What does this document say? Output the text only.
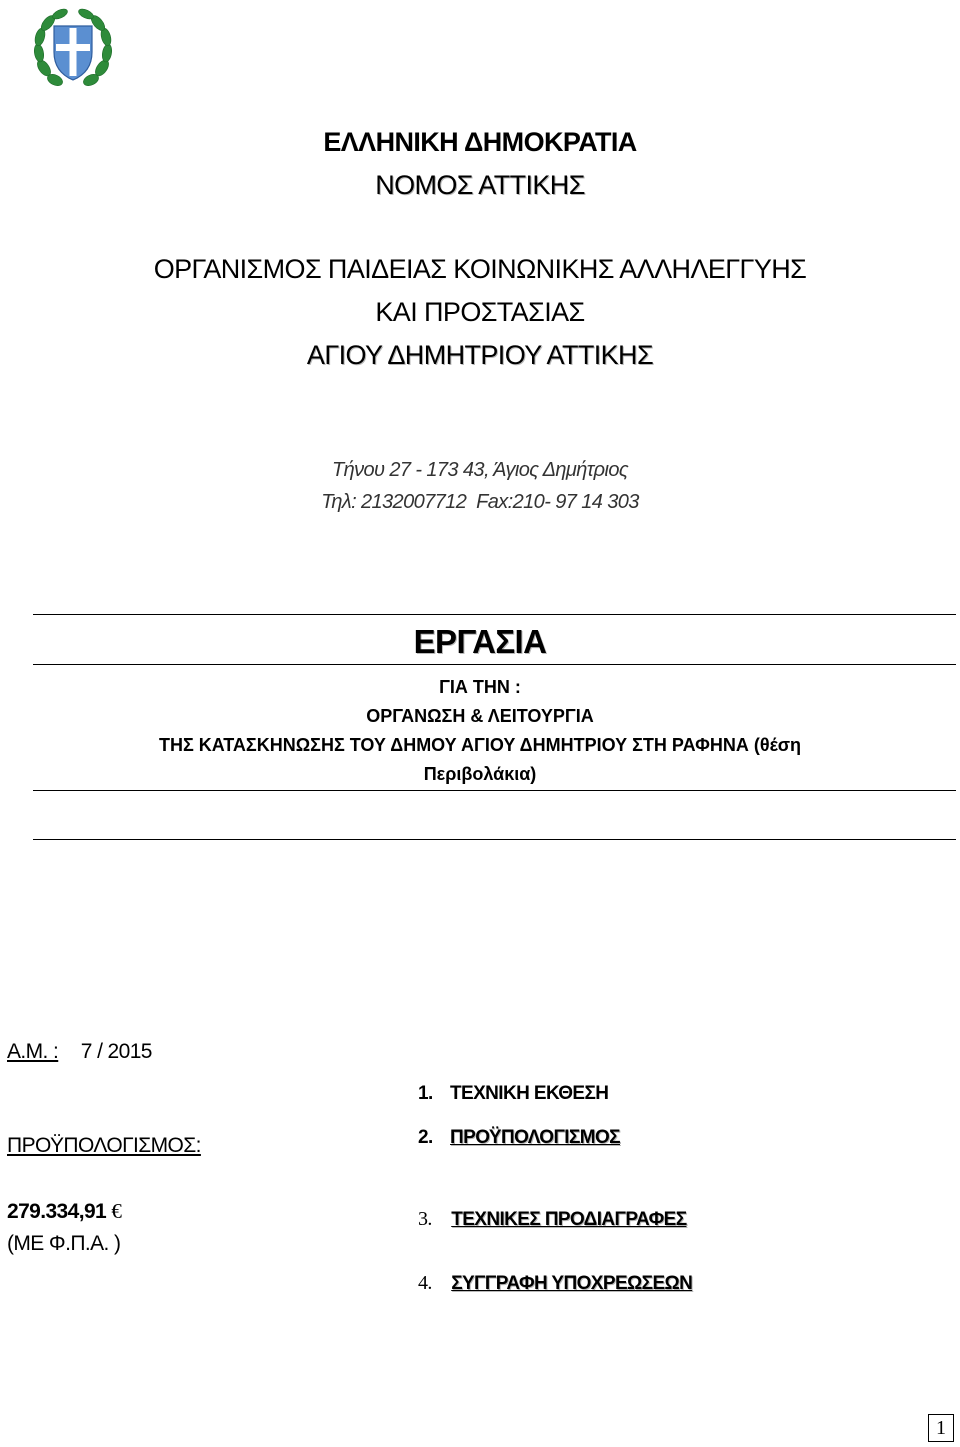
ΕΛΛΗΝΙΚΗ ΔΗΜΟΚΡΑΤΙΑ
ΝΟΜΟΣ ΑΤΤΙΚΗΣ
ΟΡΓΑΝΙΣΜΟΣ ΠΑΙΔΕΙΑΣ ΚΟΙΝΩΝΙΚΗΣ ΑΛΛΗΛΕΓΓΥΗΣ
ΚΑΙ ΠΡΟΣΤΑΣΙΑΣ
ΑΓΙΟΥ ΔΗΜΗΤΡΙΟΥ ΑΤΤΙΚΗΣ
Τήνου 27 - 173 43, Άγιος Δημήτριος
Τηλ: 2132007712  Fax:210- 97 14 303
ΕΡΓΑΣΙΑ
ΓΙΑ ΤΗΝ :
ΟΡΓΑΝΩΣΗ & ΛΕΙΤΟΥΡΓΙΑ
ΤΗΣ ΚΑΤΑΣΚΗΝΩΣΗΣ ΤΟΥ ΔΗΜΟΥ ΑΓΙΟΥ ΔΗΜΗΤΡΙΟΥ ΣΤΗ ΡΑΦΗΝΑ (θέση
Περιβολάκια)
Α.Μ. : 7 / 2015
ΠΡΟΫΠΟΛΟΓΙΣΜΟΣ:
279.334,91 €
(ΜΕ Φ.Π.Α. )
1. ΤΕΧΝΙΚΗ ΕΚΘΕΣΗ
2. ΠΡΟΫΠΟΛΟΓΙΣΜΟΣ
3. ΤΕΧΝΙΚΕΣ ΠΡΟΔΙΑΓΡΑΦΕΣ
4. ΣΥΓΓΡΑΦΗ ΥΠΟΧΡΕΩΣΕΩΝ
1
